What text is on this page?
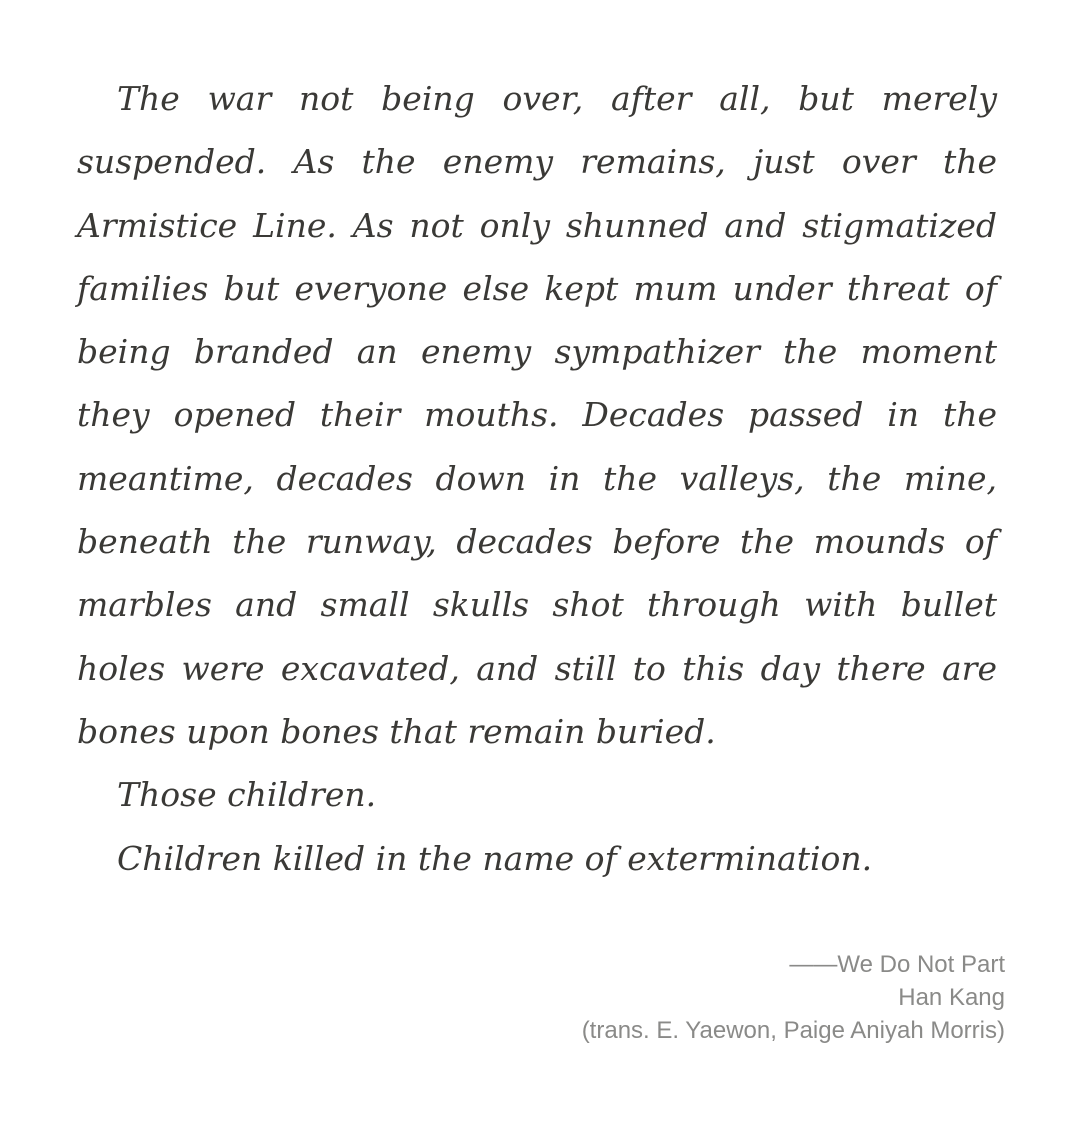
The war not being over, after all, but merely suspended. As the enemy remains, just over the Armistice Line. As not only shunned and stigmatized families but everyone else kept mum under threat of being branded an enemy sympathizer the moment they opened their mouths. Decades passed in the meantime, decades down in the valleys, the mine, beneath the runway, decades before the mounds of marbles and small skulls shot through with bullet holes were excavated, and still to this day there are bones upon bones that remain buried.

Those children.

Children killed in the name of extermination.

——We Do Not Part
Han Kang
(trans. E. Yaewon, Paige Aniyah Morris)
